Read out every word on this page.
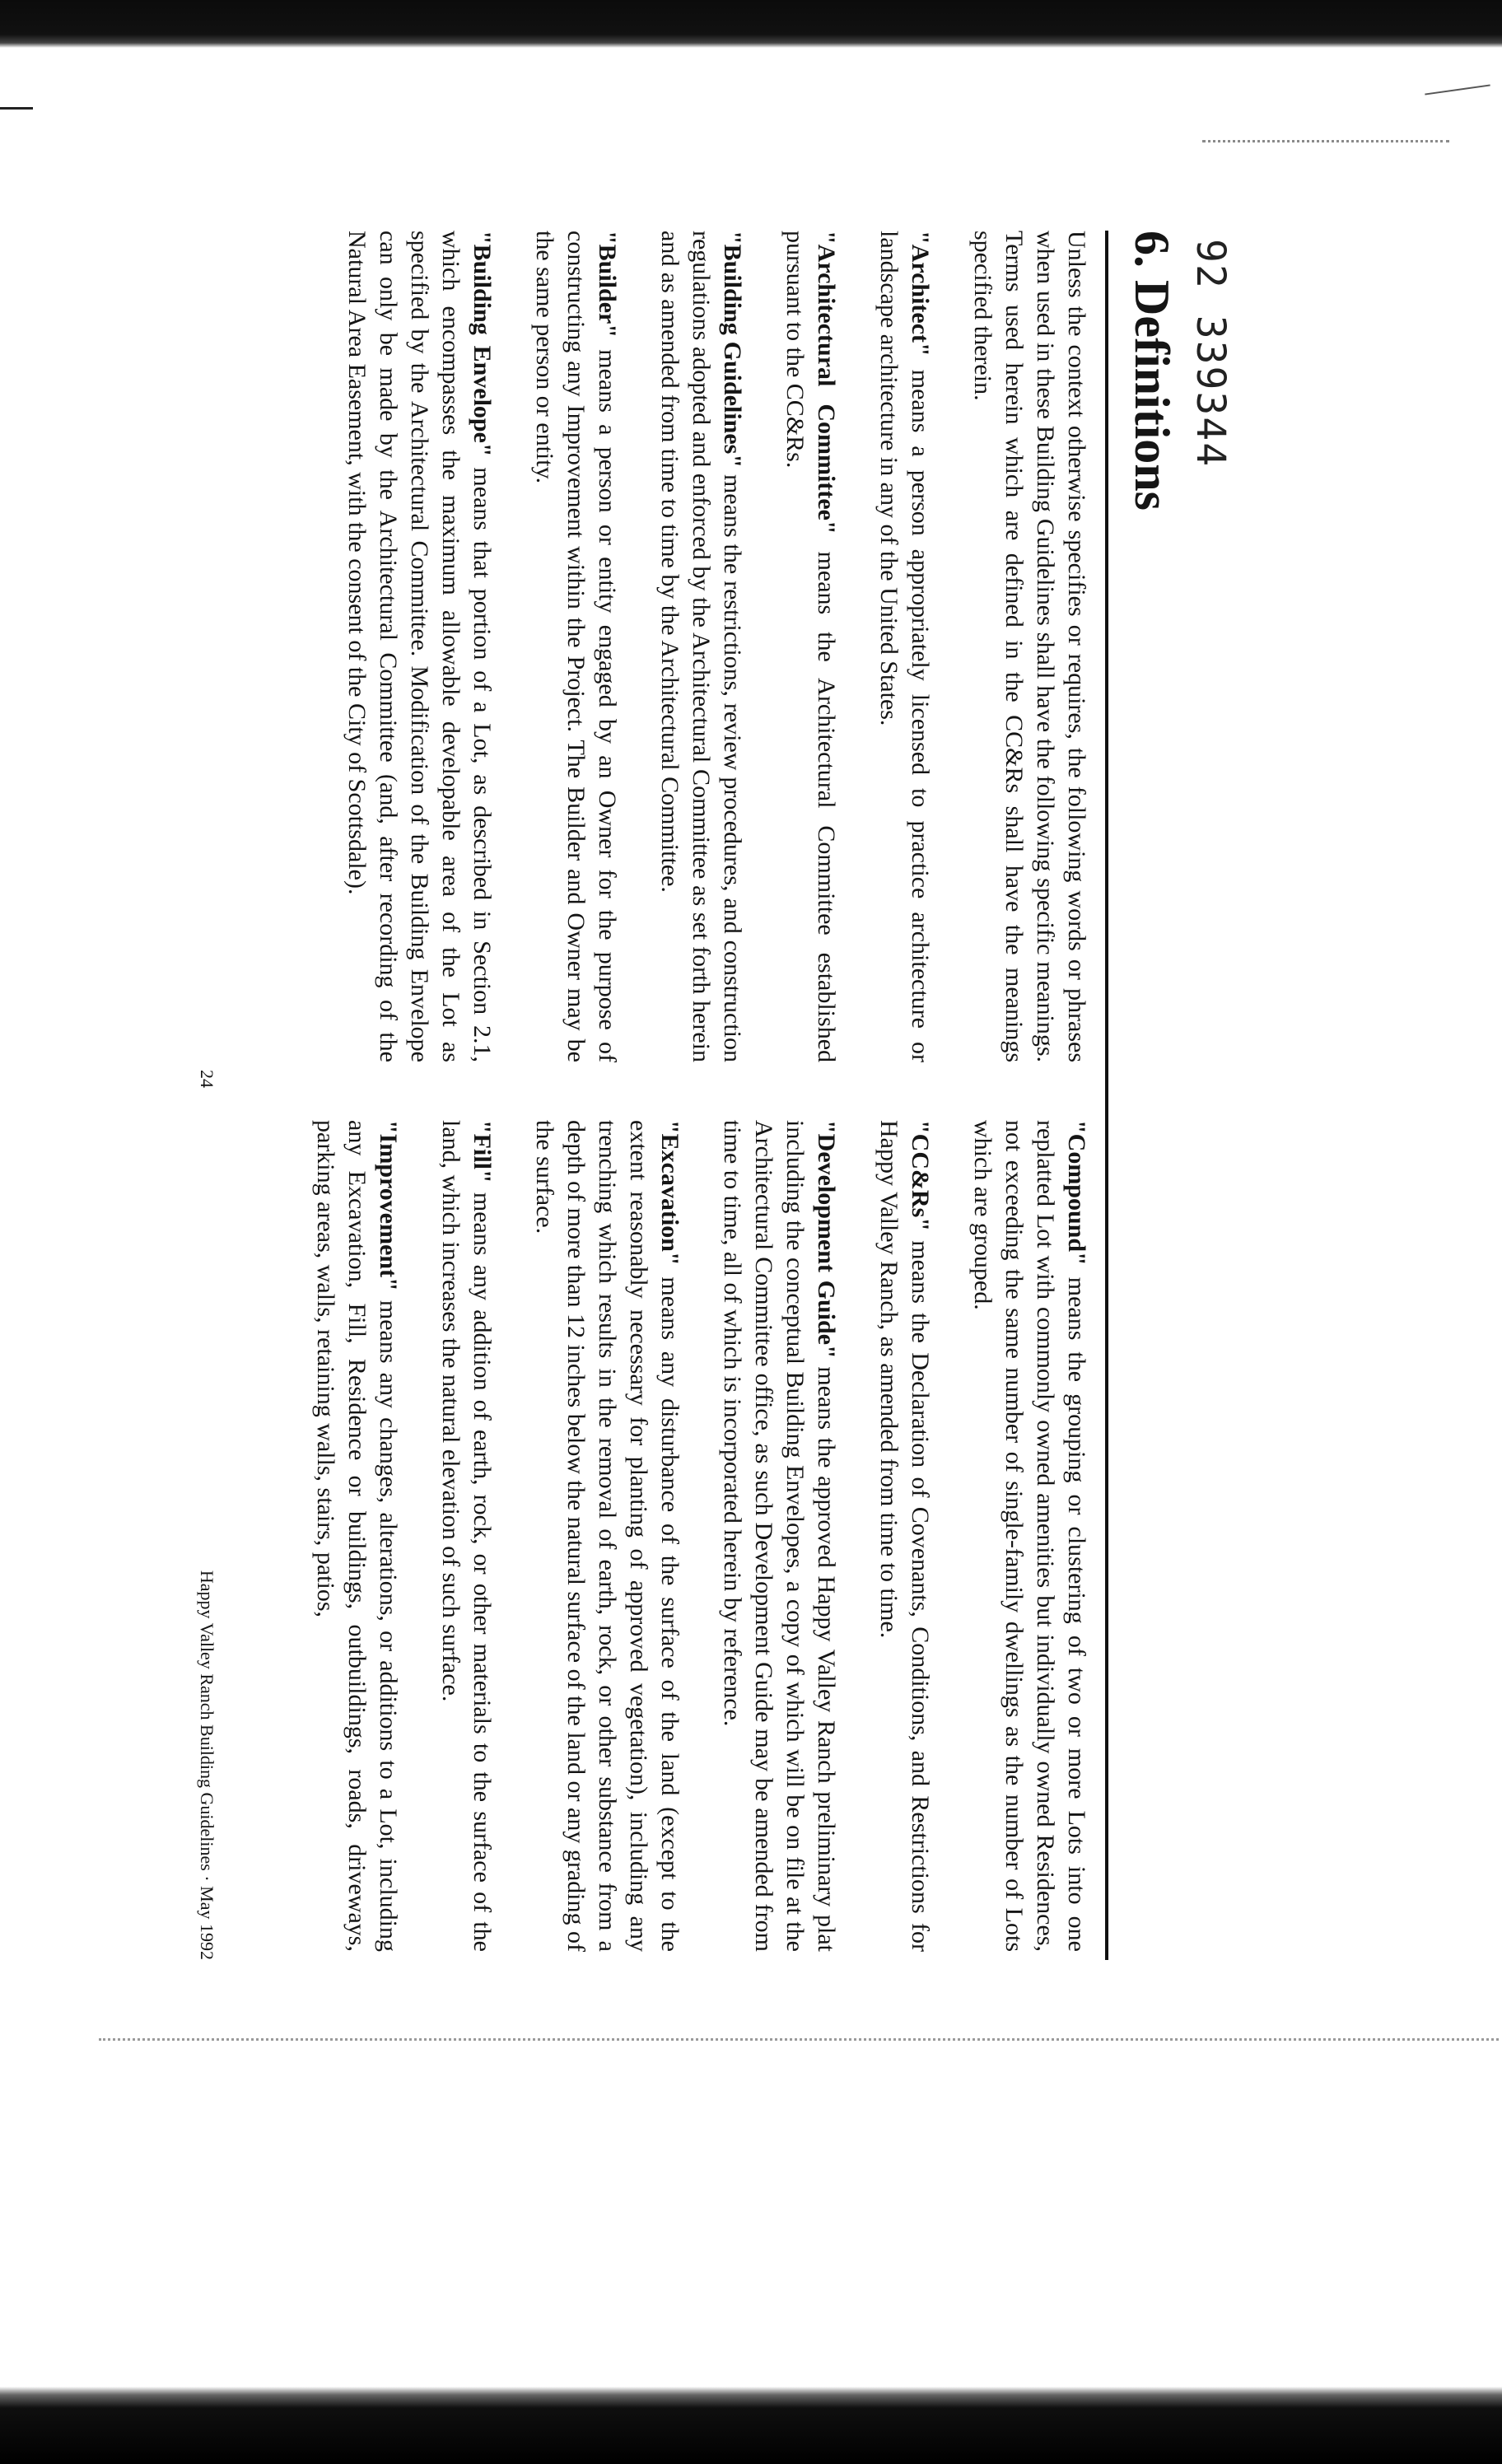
92 339344
6. Definitions

Unless the context otherwise specifies or requires, the following words or phrases when used in these Building Guidelines shall have the following specific meanings. Terms used herein which are defined in the CC&Rs shall have the meanings specified therein.

"Architect" means a person appropriately licensed to practice architecture or landscape architecture in any of the United States.

"Architectural Committee" means the Architectural Committee established pursuant to the CC&Rs.

"Building Guidelines" means the restrictions, review procedures, and construction regulations adopted and enforced by the Architectural Committee as set forth herein and as amended from time to time by the Architectural Committee.

"Builder" means a person or entity engaged by an Owner for the purpose of constructing any Improvement within the Project. The Builder and Owner may be the same person or entity.

"Building Envelope" means that portion of a Lot, as described in Section 2.1, which encompasses the maximum allowable developable area of the Lot as specified by the Architectural Committee. Modification of the Building Envelope can only be made by the Architectural Committee (and, after recording of the Natural Area Easement, with the consent of the City of Scottsdale).

"Compound" means the grouping or clustering of two or more Lots into one replatted Lot with commonly owned amenities but individually owned Residences, not exceeding the same number of single-family dwellings as the number of Lots which are grouped.

"CC&Rs" means the Declaration of Covenants, Conditions, and Restrictions for Happy Valley Ranch, as amended from time to time.

"Development Guide" means the approved Happy Valley Ranch preliminary plat including the conceptual Building Envelopes, a copy of which will be on file at the Architectural Committee office, as such Development Guide may be amended from time to time, all of which is incorporated herein by reference.

"Excavation" means any disturbance of the surface of the land (except to the extent reasonably necessary for planting of approved vegetation), including any trenching which results in the removal of earth, rock, or other substance from a depth of more than 12 inches below the natural surface of the land or any grading of the surface.

"Fill" means any addition of earth, rock, or other materials to the surface of the land, which increases the natural elevation of such surface.

"Improvement" means any changes, alterations, or additions to a Lot, including any Excavation, Fill, Residence or buildings, outbuildings, roads, driveways, parking areas, walls, retaining walls, stairs, patios,

24
Happy Valley Ranch Building Guidelines · May 1992
